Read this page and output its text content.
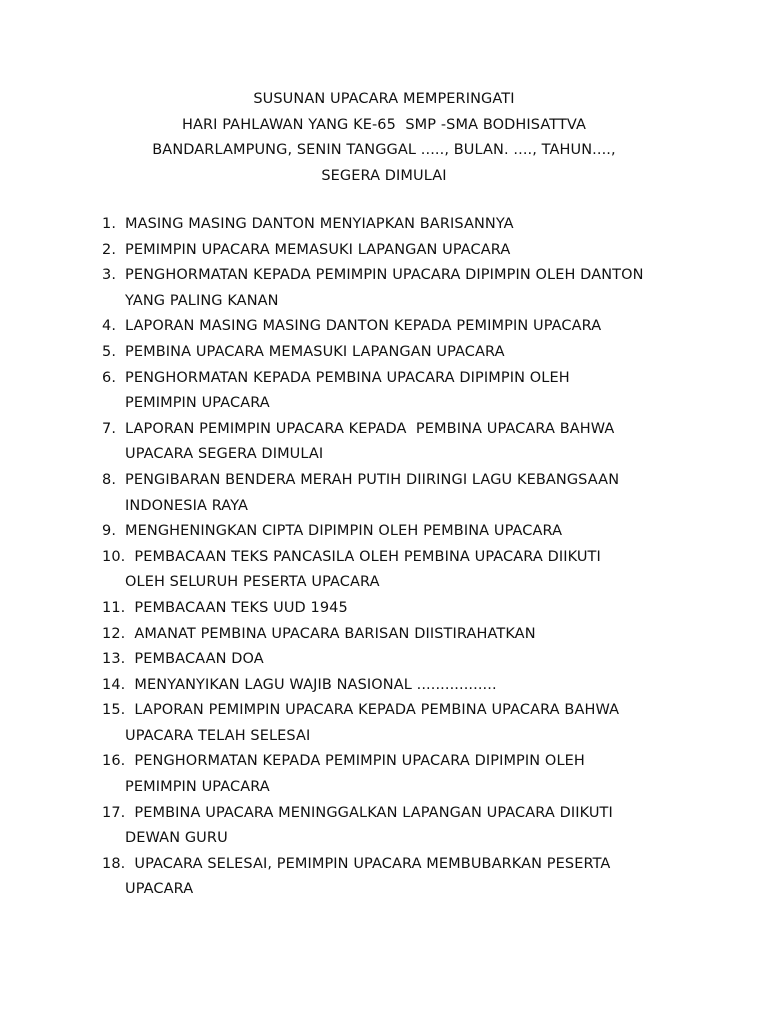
SUSUNAN UPACARA MEMPERINGATI
HARI PAHLAWAN YANG KE-65  SMP -SMA BODHISATTVA
BANDARLAMPUNG, SENIN TANGGAL ....., BULAN. ...., TAHUN....,
SEGERA DIMULAI
1. MASING MASING DANTON MENYIAPKAN BARISANNYA
2. PEMIMPIN UPACARA MEMASUKI LAPANGAN UPACARA
3. PENGHORMATAN KEPADA PEMIMPIN UPACARA DIPIMPIN OLEH DANTON
YANG PALING KANAN
4. LAPORAN MASING MASING DANTON KEPADA PEMIMPIN UPACARA
5. PEMBINA UPACARA MEMASUKI LAPANGAN UPACARA
6. PENGHORMATAN KEPADA PEMBINA UPACARA DIPIMPIN OLEH
PEMIMPIN UPACARA
7. LAPORAN PEMIMPIN UPACARA KEPADA  PEMBINA UPACARA BAHWA
UPACARA SEGERA DIMULAI
8. PENGIBARAN BENDERA MERAH PUTIH DIIRINGI LAGU KEBANGSAAN
INDONESIA RAYA
9. MENGHENINGKAN CIPTA DIPIMPIN OLEH PEMBINA UPACARA
10. PEMBACAAN TEKS PANCASILA OLEH PEMBINA UPACARA DIIKUTI
OLEH SELURUH PESERTA UPACARA
11. PEMBACAAN TEKS UUD 1945
12. AMANAT PEMBINA UPACARA BARISAN DIISTIRAHATKAN
13. PEMBACAAN DOA
14. MENYANYIKAN LAGU WAJIB NASIONAL .................
15. LAPORAN PEMIMPIN UPACARA KEPADA PEMBINA UPACARA BAHWA
UPACARA TELAH SELESAI
16. PENGHORMATAN KEPADA PEMIMPIN UPACARA DIPIMPIN OLEH
PEMIMPIN UPACARA
17. PEMBINA UPACARA MENINGGALKAN LAPANGAN UPACARA DIIKUTI
DEWAN GURU
18. UPACARA SELESAI, PEMIMPIN UPACARA MEMBUBARKAN PESERTA
UPACARA
